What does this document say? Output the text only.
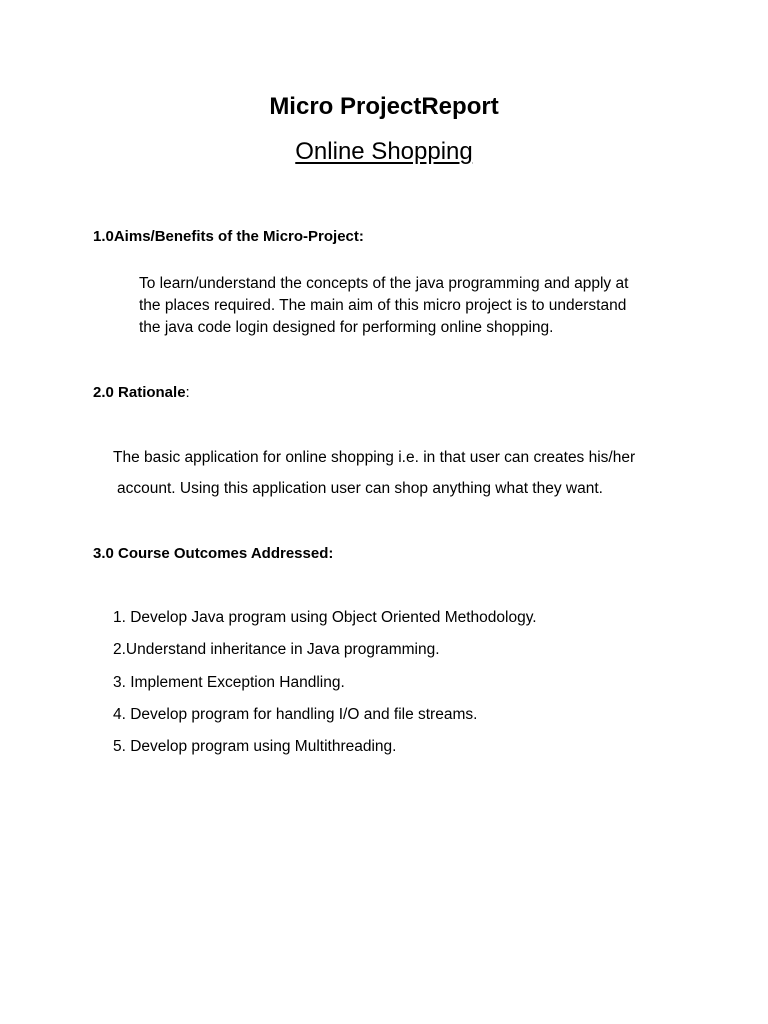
Micro ProjectReport
Online Shopping
1.0Aims/Benefits of the Micro-Project:
To learn/understand the concepts of the java programming and apply at
the places required. The main aim of this micro project is to understand
the java code login designed for performing online shopping.
2.0 Rationale:
The basic application for online shopping i.e. in that user can creates his/her
account. Using this application user can shop anything what they want.
3.0 Course Outcomes Addressed:
1. Develop Java program using Object Oriented Methodology.
2.Understand inheritance in Java programming.
3. Implement Exception Handling.
4. Develop program for handling I/O and file streams.
5. Develop program using Multithreading.
